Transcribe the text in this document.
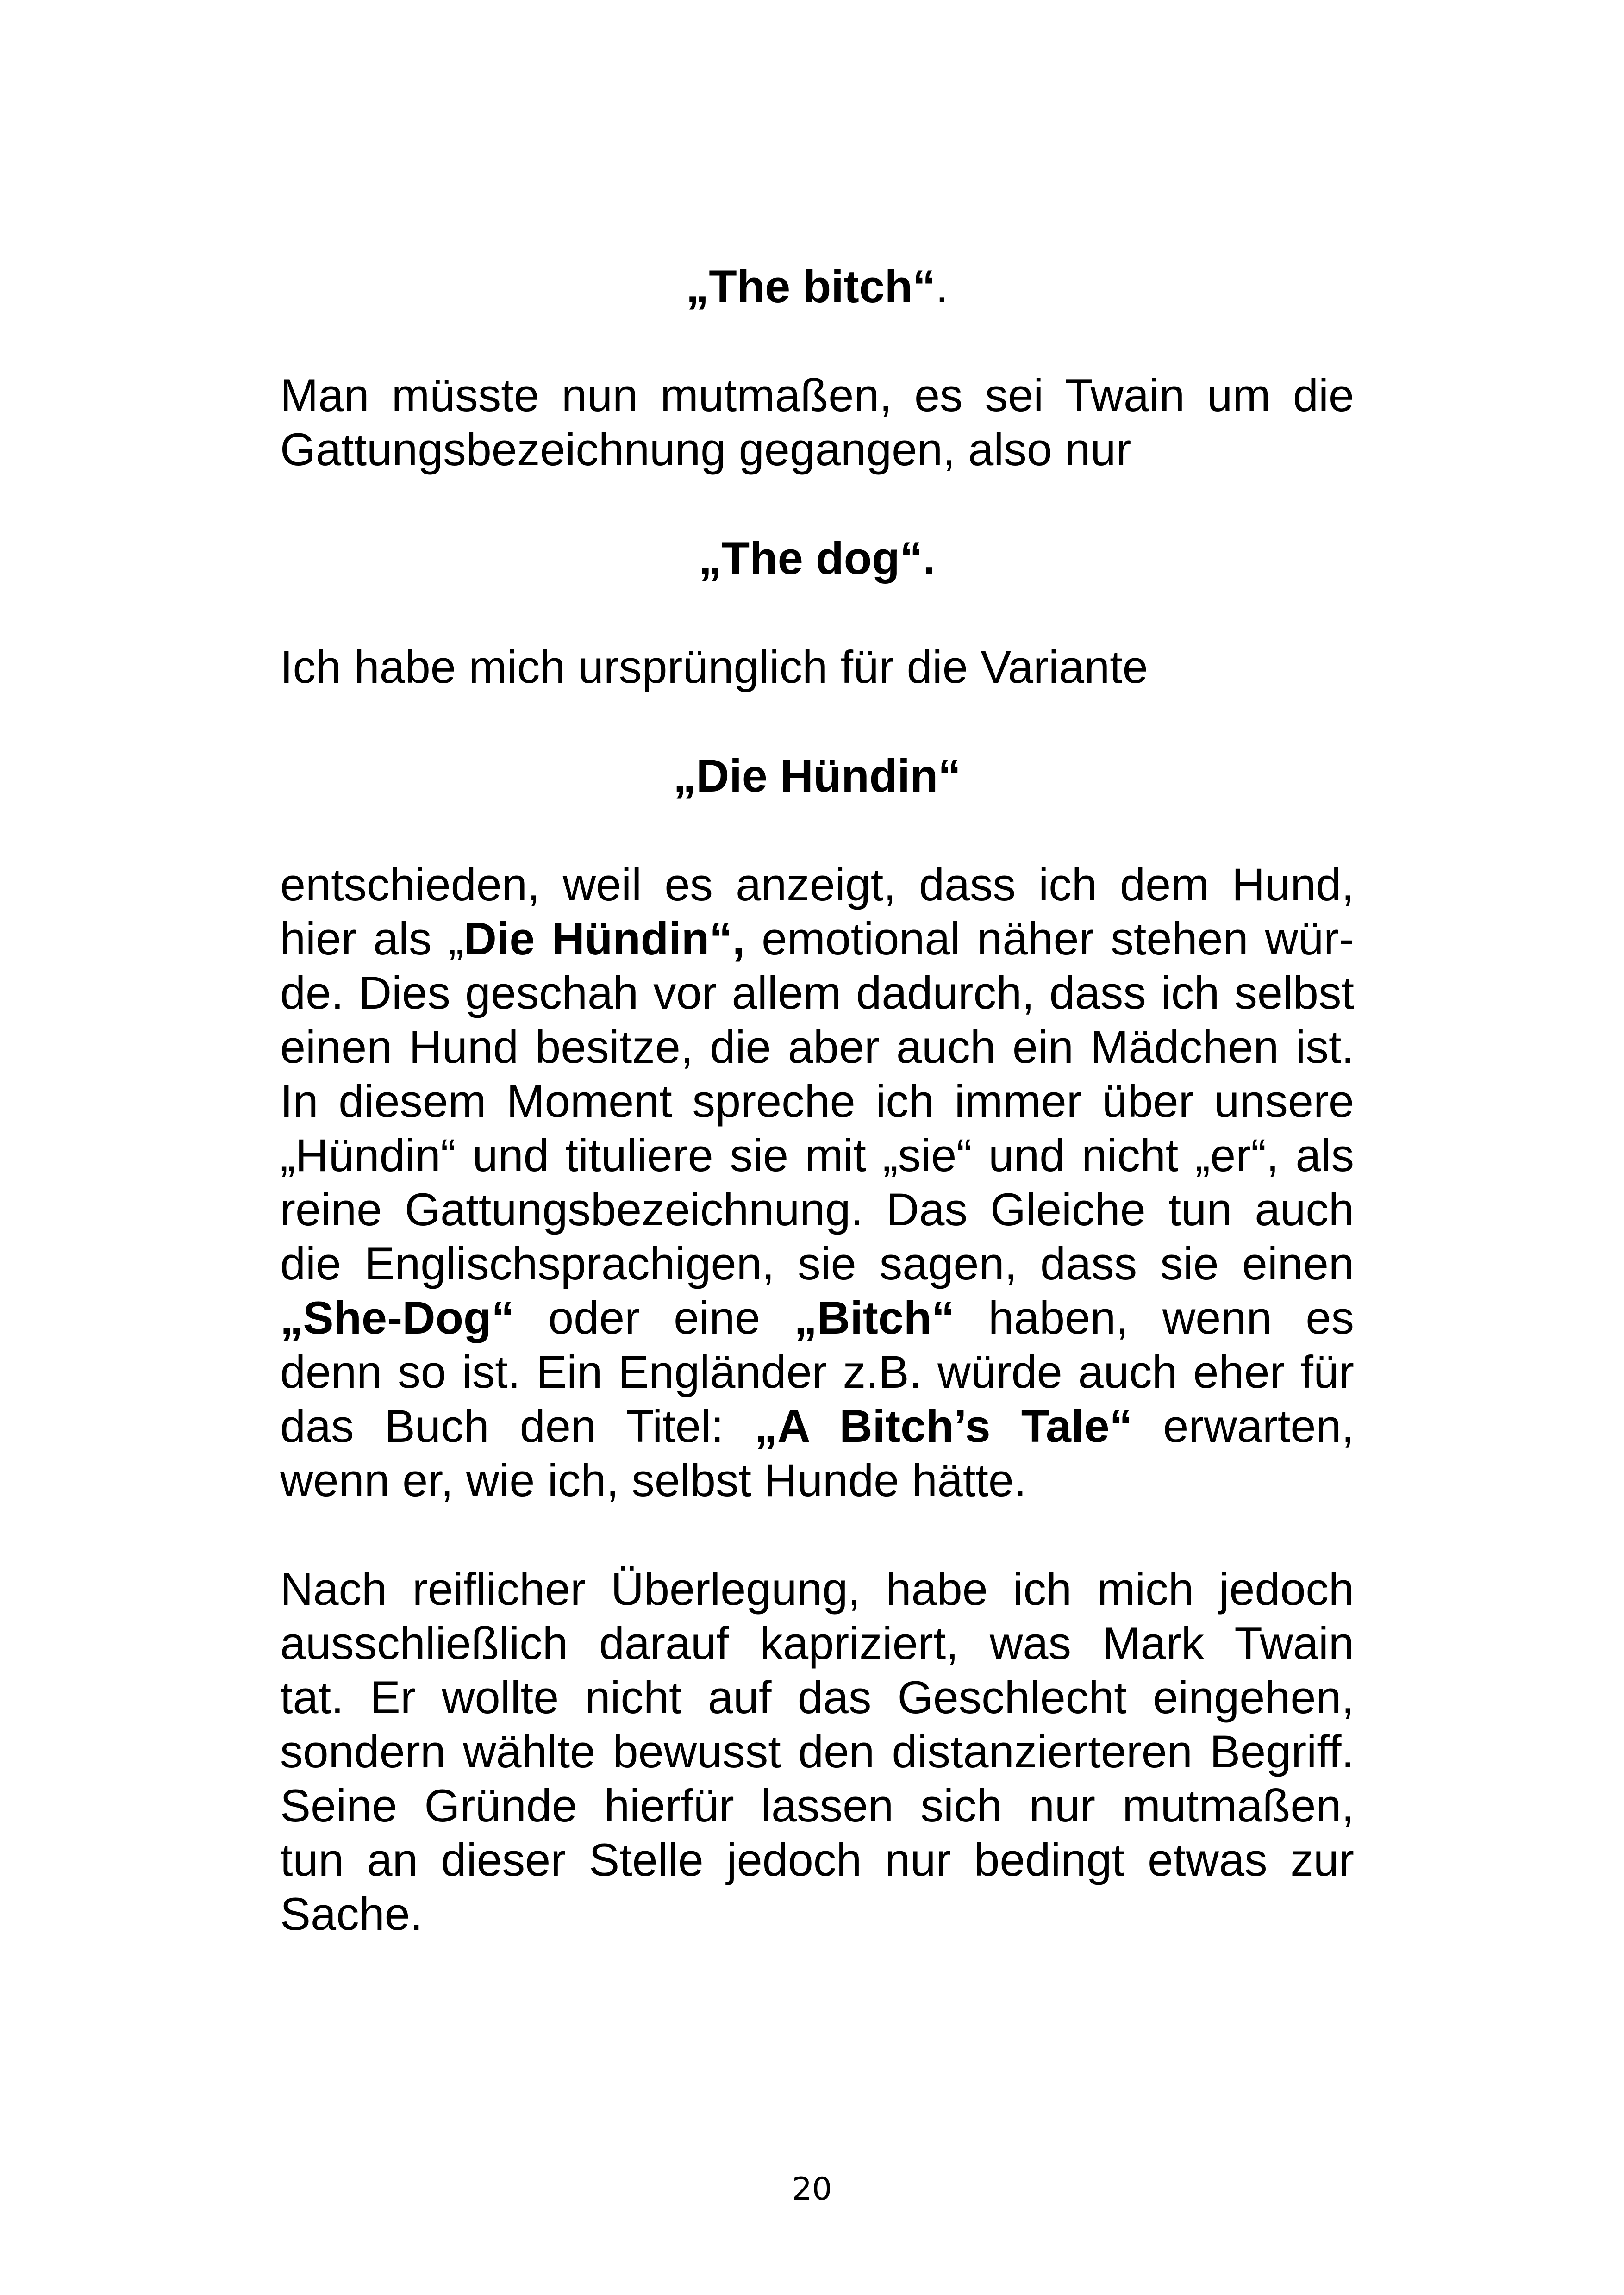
„The bitch“.

Man müsste nun mutmaßen, es sei Twain um die
Gattungsbezeichnung gegangen, also nur

„The dog“.

Ich habe mich ursprünglich für die Variante

„Die Hündin“

entschieden, weil es anzeigt, dass ich dem Hund,
hier als „Die Hündin“, emotional näher stehen wür-
de. Dies geschah vor allem dadurch, dass ich selbst
einen Hund besitze, die aber auch ein Mädchen ist.
In diesem Moment spreche ich immer über unsere
„Hündin“ und tituliere sie mit „sie“ und nicht „er“, als
reine Gattungsbezeichnung. Das Gleiche tun auch
die Englischsprachigen, sie sagen, dass sie einen
„She-Dog“ oder eine „Bitch“ haben, wenn es
denn so ist. Ein Engländer z.B. würde auch eher für
das Buch den Titel: „A Bitch’s Tale“ erwarten,
wenn er, wie ich, selbst Hunde hätte.
Nach reiflicher Überlegung, habe ich mich jedoch
ausschließlich darauf kapriziert, was Mark Twain
tat. Er wollte nicht auf das Geschlecht eingehen,
sondern wählte bewusst den distanzierteren Begriff.
Seine Gründe hierfür lassen sich nur mutmaßen,
tun an dieser Stelle jedoch nur bedingt etwas zur
Sache.
20
